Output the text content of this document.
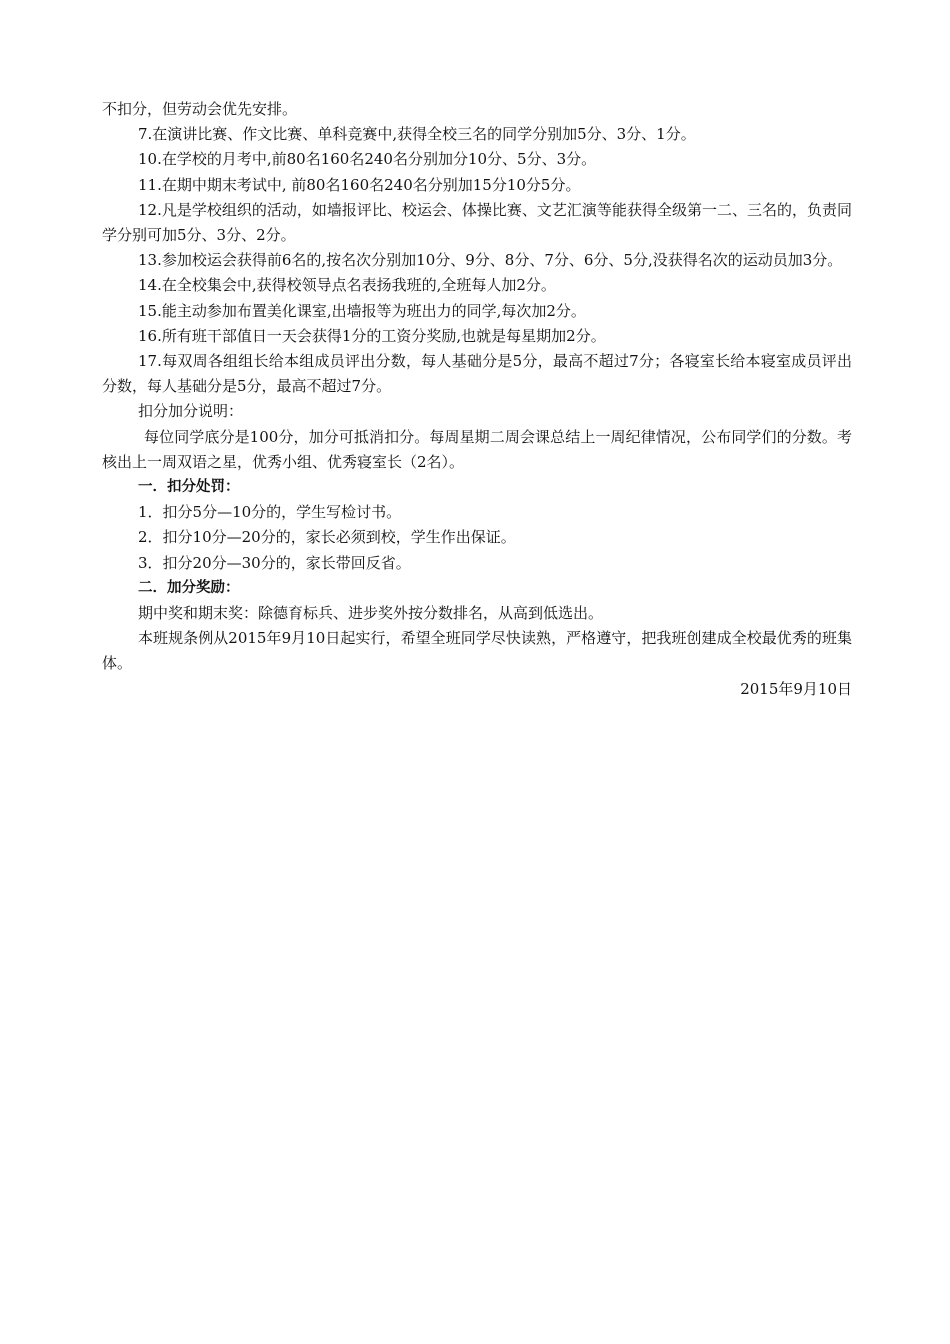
不扣分，但劳动会优先安排。

7.在演讲比赛、作文比赛、单科竞赛中,获得全校三名的同学分别加5分、3分、1分。

10.在学校的月考中,前80名160名240名分别加分10分、5分、3分。

11.在期中期末考试中, 前80名160名240名分别加15分10分5分。

12.凡是学校组织的活动，如墙报评比、校运会、体操比赛、文艺汇演等能获得全级第一二、三名的，负责同学分别可加5分、3分、2分。

13.参加校运会获得前6名的,按名次分别加10分、9分、8分、7分、6分、5分,没获得名次的运动员加3分。

14.在全校集会中,获得校领导点名表扬我班的,全班每人加2分。

15.能主动参加布置美化课室,出墙报等为班出力的同学,每次加2分。

16.所有班干部值日一天会获得1分的工资分奖励,也就是每星期加2分。

17.每双周各组组长给本组成员评出分数，每人基础分是5分，最高不超过7分；各寝室长给本寝室成员评出分数，每人基础分是5分，最高不超过7分。

扣分加分说明：

每位同学底分是100分，加分可抵消扣分。每周星期二周会课总结上一周纪律情况，公布同学们的分数。考核出上一周双语之星，优秀小组、优秀寝室长（2名）。

一．扣分处罚：

1．扣分5分—10分的，学生写检讨书。

2．扣分10分—20分的，家长必须到校，学生作出保证。

3．扣分20分—30分的，家长带回反省。

二．加分奖励：

期中奖和期末奖：除德育标兵、进步奖外按分数排名，从高到低选出。

本班规条例从2015年9月10日起实行，希望全班同学尽快读熟，严格遵守，把我班创建成全校最优秀的班集体。

2015年9月10日
